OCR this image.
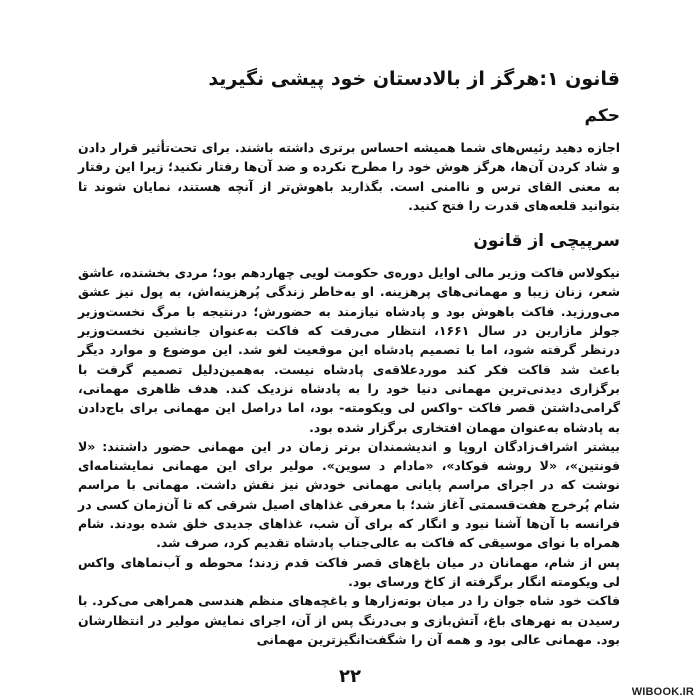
قانون ۱:هرگز از بالادستان خود پیشی نگیرید
حکم

اجازه دهید رئیس‌های شما همیشه احساس برتری داشته باشند. برای تحت‌تأثیر قرار دادن و شاد کردن آن‌ها، هرگز هوش خود را مطرح نکرده و ضد آن‌ها رفتار نکنید؛ زیرا این رفتار به معنی القای ترس و ناامنی است. بگذارید باهوش‌تر از آنچه هستند، نمایان شوند تا بتوانید قلعه‌های قدرت را فتح کنید.

سرپیچی از قانون

نیکولاس فاکت وزیر مالی اوایل دوره‌ی حکومت لویی چهاردهم بود؛ مردی بخشنده، عاشق شعر، زنان زیبا و مهمانی‌های پرهزینه. او به‌خاطر زندگی پُرهزینه‌اش، به پول نیز عشق می‌ورزید. فاکت باهوش بود و پادشاه نیازمند به حضورش؛ درنتیجه با مرگ نخست‌وزیر جولز مازارین در سال ۱۶۶۱، انتظار می‌رفت که فاکت به‌عنوان جانشین نخست‌وزیر درنظر گرفته شود، اما با تصمیم پادشاه این موقعیت لغو شد. این موضوع و موارد دیگر باعث شد فاکت فکر کند موردعلاقه‌ی پادشاه نیست. به‌همین‌دلیل تصمیم گرفت با برگزاری دیدنی‌ترین مهمانی دنیا خود را به پادشاه نزدیک کند. هدف ظاهری مهمانی، گرامی‌داشتن قصر فاکت -واکس لی ویکومته- بود، اما دراصل این مهمانی برای باج‌دادن به پادشاه به‌عنوان مهمان افتخاری برگزار شده بود.

بیشتر اشراف‌زادگان اروپا و اندیشمندان برتر زمان در این مهمانی حضور داشتند: «لا فونتین»، «لا روشه فوکاد»، «مادام د سوین». مولیر برای این مهمانی نمایشنامه‌ای نوشت که در اجرای مراسم پایانی مهمانی خودش نیز نقش داشت. مهمانی با مراسم شام پُرخرج هفت‌قسمتی آغاز شد؛ با معرفی غذاهای اصیل شرقی که تا آن‌زمان کسی در فرانسه با آن‌ها آشنا نبود و انگار که برای آن شب، غذاهای جدیدی خلق شده بودند. شام همراه با نوای موسیقی که فاکت به عالی‌جناب پادشاه تقدیم کرد، صرف شد.

پس از شام، مهمانان در میان باغ‌های قصر فاکت قدم زدند؛ محوطه و آب‌نماهای واکس لی ویکومته انگار برگرفته از کاخ ورسای بود.

فاکت خود شاه جوان را در میان بوته‌زارها و باغچه‌های منظم هندسی همراهی می‌کرد. با رسیدن به نهرهای باغ، آتش‌بازی و بی‌درنگ پس از آن، اجرای نمایش مولیر در انتظارشان بود. مهمانی عالی بود و همه آن را شگفت‌انگیزترین مهمانی

۲۲
WIBOOK.IR
